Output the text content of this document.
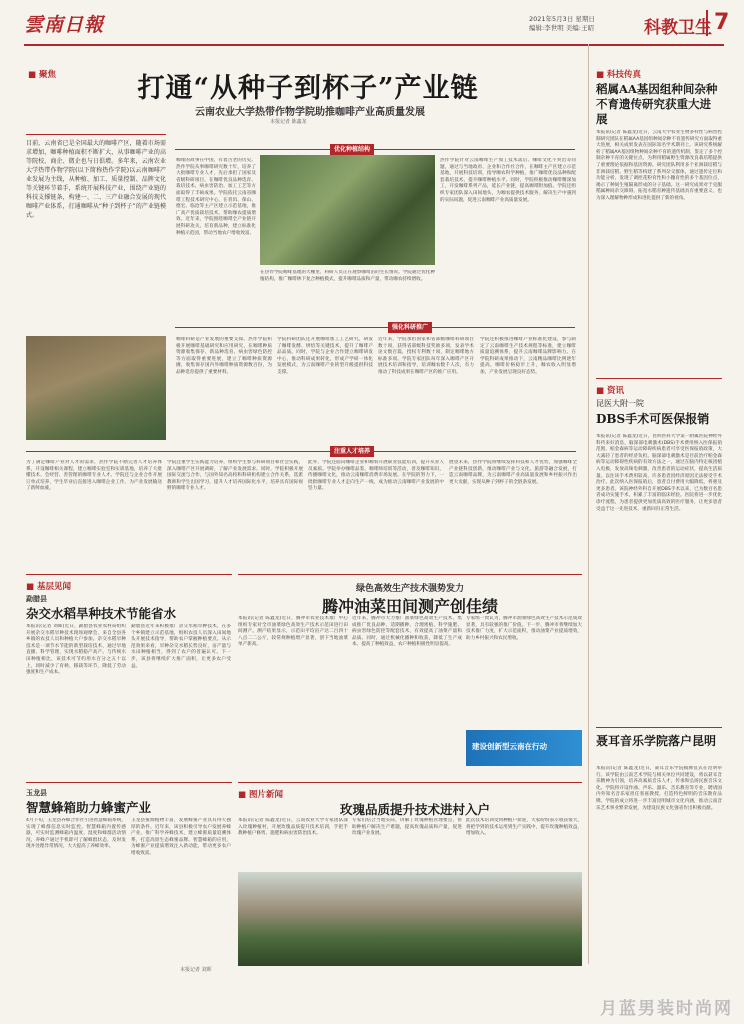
雲南日報	2021年5月3日 星期日
编辑:李世明 美编:王昭	科教卫生 7
■ 聚焦	打通“从种子到杯子”产业链
云南农业大学热带作物学院助推咖啡产业高质量发展
本报记者 陈鑫龙
目前，云南省已是全国最大的咖啡产区，随着市场需求增加，咖啡种植面积不断扩大，从事咖啡产业的高等院校、商企、微企也与日俱增。多年来，云南农业大学热带作物学院(以下简称热作学院)以云南咖啡产业发展为主线，从种植、加工、质量控制、品牌文化等关键环节着手，系统开展科技产业，围绕产业链的科技支撑链条，构建一、二、三产业融合发展的现代咖啡产业体系，打通咖啡从“种子到杯子”的产业链模式。
优化种植结构
咖啡的故事在中国，有着古老的历史。热作学院从事咖啡研究数十年，培养了大批咖啡专业人才，先后承担了国家及省级科研项目，在咖啡优良品种选育、栽培技术、病虫害防治、加工工艺等方面取得了丰硕成果。学院依托云南省咖啡工程技术研究中心，在普洱、保山、德宏、临沧等主产区建立示范基地，推广高产优质栽培技术，帮助咖农提质增效。近年来，学院围绕咖啡全产业链开展科研攻关，培育新品种，建立标准化种植示范园，带动当地农户增收致富。
在热作学院咖啡基地的大棚里，科研人员正在观察咖啡苗的生长情况。学院通过优化种植结构，推广咖啡林下复合种植模式，提升咖啡品质和产量，带动咖农持续增收。
热作学院针对云南咖啡生产加工技术落后、咖啡文化不突出等问题，通过与当地政府、企业和合作社合作，在咖啡主产区建立示范基地，开展科技培训，指导咖农科学种植，推广咖啡优良品种和配套栽培技术，提升咖啡种植水平。同时，学院积极推动咖啡精深加工，开发咖啡系列产品，延长产业链，提高咖啡附加值。学院还组织专家团队深入田间地头，为咖农提供技术服务，解决生产中遇到的实际问题，促进云南咖啡产业高质量发展。
强化科研推广
咖啡科研是产业发展的重要支撑。热作学院积极开展咖啡基础研究和应用研究，在咖啡种质资源收集保存、新品种选育、病虫害绿色防控等方面取得重要进展，建立了咖啡种质资源圃，收集保存国内外咖啡种质资源数百份，为品种选育提供了重要材料。
学院科研团队还开展咖啡加工工艺研究，研发了咖啡发酵、烘焙等关键技术，提升了咖啡产品品质。同时，学院与企业合作建立咖啡研发中心，推动科研成果转化，形成产学研一体化发展模式，为云南咖啡产业转型升级提供科技支撑。
近年来，学院承担国家和省部级咖啡科研项目数十项，获得省部级科技奖励多项，发表学术论文数百篇，授权专利数十项，制定咖啡地方标准多项。学院专家团队每年深入咖啡产区开展技术培训和指导，培训咖农数千人次，有力推动了科技成果在咖啡产区的推广应用。
学院还积极推进咖啡产业标准化建设，参与制定了云南咖啡生产技术规程等标准，建立咖啡质量追溯体系，提升云南咖啡品牌影响力。在学院科研成果推动下，云南精品咖啡比例逐年提高，咖啡价格稳步上升，咖农收入明显增加，产业发展呈现良好态势。
注重人才培养
为了满足咖啡产业对人才的需求，热作学院不断完善人才培养体系，开设咖啡相关课程，建立咖啡实验室和实训基地，培养了大批懂技术、会经营、善管理的咖啡专业人才。学院还与企业合作开展订单式培养，学生毕业后直接进入咖啡企业工作，为产业发展输送了新鲜血液。
学院注重学生实践能力培养，组织学生参与科研项目和社会实践，深入咖啡产区开展调研，了解产业发展需求。同时，学院积极开展国际交流与合作，与国外知名高校和科研机构建立合作关系，选派教师和学生出国学习，提升人才培养国际化水平，培养具有国际视野的咖啡专业人才。
此外，学院还面向咖啡企业和咖农开展职业技能培训，提升从业人员素质。学院举办咖啡品鉴、咖啡师培训等活动，普及咖啡知识，传播咖啡文化，推动云南咖啡消费市场发展。在学院的努力下，一批批咖啡专业人才走向生产一线，成为推动云南咖啡产业发展的中坚力量。
展望未来，热作学院将继续发挥科技和人才优势，加强咖啡全产业链科技创新，推动咖啡产业与文化、旅游等融合发展，打造云南咖啡品牌，为云南咖啡产业高质量发展和乡村振兴作出更大贡献，实现从种子到杯子的全链条发展。
■ 科技传真
稻属AA基因组种间杂种不育遗传研究获重大进展
本报讯(记者 陈鑫龙)近日，云南大学农业生物多样性与病害控制研究团队在稻属AA基因组种间杂种不育遗传研究方面取得重大进展，相关成果发表在国际知名学术期刊上。该研究系统解析了稻属AA基因组物种间杂种不育的遗传机制，鉴定了多个控制杂种不育的关键位点，为利用稻属野生资源改良栽培稻提供了重要理论依据和基因资源。研究团队利用多个亚洲栽培稻与非洲栽培稻、野生稻等构建了系列杂交群体，通过遗传定位和功能分析，发现了调控花粉育性和小穗育性的多个基因位点，揭示了种间生殖隔离形成的分子基础。这一研究成果对于克服稻属种间杂交障碍、拓宽水稻育种遗传基础具有重要意义，也为深入理解物种形成和进化提供了新的视角。
■ 资讯
昆医大附一院
DBS手术可医保报销
本报讯(记者 陈鑫龙)近日，昆明医科大学第一附属医院神经外科传来好消息，脑深部电刺激术(DBS)手术费用纳入医保报销范围，帕金森病等运动障碍疾病患者可享受医保报销政策，大大减轻了患者的经济负担。脑深部电刺激术是目前治疗帕金森病等运动障碍性疾病的有效方法之一，通过在脑内特定核团植入电极，发放高频电刺激，改善患者的运动症状，提高生活质量。以往该手术费用较高，许多患者因经济原因无法接受手术治疗。此次纳入医保报销后，患者自付费用大幅降低，将惠及更多患者。该院神经外科自开展DBS手术以来，已为数百名患者成功实施手术，积累了丰富的临床经验。医院将进一步优化诊疗流程，为患者提供更加优质高效的医疗服务，让更多患者受益于这一先进技术，重新回归正常生活。
聂耳音乐学院落户昆明
本报讯(记者 陈鑫龙)近日，聂耳音乐学院揭牌仪式在昆明举行。该学院由云南艺术学院与相关单位共同建设，将以聂耳音乐精神为引领，培养高素质音乐人才，传承和弘扬民族音乐文化。学院将开设作曲、声乐、器乐、音乐教育等专业，聘请国内外知名音乐家担任客座教授，打造特色鲜明的音乐教育品牌。学院的成立将进一步丰富昆明城市文化内涵，推动云南音乐艺术事业繁荣发展，为建设民族文化强省作出积极贡献。
■ 基层见闻
勐腊县
杂交水稻旱种技术节能省水
本报讯(记者 刘晖)近日，勐腊县农业农村局组织开展杂交水稻旱种技术现场观摩会，来自全县各乡镇的农技人员和种植大户参加。杂交水稻旱种技术是一项节水节能的新型栽培技术，通过旱地直播、科学管理，实现水稻稳产高产。与传统水田种植相比，该技术可节约用水百分之五十以上，同时减少了育秧、移栽等环节，降低了劳动强度和生产成本。
勐腊县近年来积极推广杂交水稻旱种技术，在多个乡镇建立示范基地，组织农技人员深入田间地头开展技术指导，帮助农户掌握种植要点。从示范效果来看，旱种杂交水稻长势良好，亩产量与水田种植相当，得到了农户的普遍认可。下一步，该县将继续扩大推广面积，让更多农户受益。
玉龙县
智慧蜂箱助力蜂蜜产业
4月下旬，玉龙县养蜂合作社引进智慧蜂箱系统，实现了蜂群信息实时监控。智慧蜂箱内置传感器，可实时监测蜂箱内温度、湿度和蜂群活动情况，养蜂户通过手机即可了解蜂群状态，及时发现并处理异常情况，大大提高了养蜂效率。
玉龙县蜜源植物丰富，发展蜂蜜产业具有得天独厚的条件。近年来，该县积极引导农户发展养蜂产业，推广科学养蜂技术，建立蜂蜜质量追溯体系，打造高原生态蜂蜜品牌。智慧蜂箱的应用，为蜂蜜产业提质增效注入新动能，带动更多农户增收致富。
本报记者 刘晖
绿色高效生产技术强势发力
腾冲油菜田间测产创佳绩
本报讯(记者 陈鑫龙)近日，腾冲市农业技术推广中心组织专家对全市油菜绿色高效生产技术示范田进行田间测产。测产结果显示，示范田平均亩产达二百四十八点二二公斤，较常规种植增产显著，创下当地油菜单产新高。
近年来，腾冲市大力推广油菜绿色高效生产技术，集成推广优良品种、适期播种、合理密植、科学施肥、病虫害绿色防控等配套技术，有效提高了油菜产量和品质。同时，通过机械化播种和收获，降低了生产成本，提高了种植效益，农户种植积极性明显提高。
专家组一致认为，腾冲市油菜绿色高效生产技术示范成效显著，具有较强的推广价值。下一步，腾冲市将继续加大技术推广力度，扩大示范面积，推动油菜产业提质增效，助力乡村振兴和农民增收。
建设创新型云南在行动
■ 图片新闻
玫瑰品质提升技术进村入户
本报讯(记者 陈鑫龙)近日，云南农业大学专家团队深入玫瑰种植村，开展玫瑰品质提升技术培训，手把手教种植户修剪、施肥和病虫害防治技术。
专家们结合当地实际，讲解了玫瑰种植管理要点，帮助种植户解决生产难题，提高玫瑰品质和产量，促进玫瑰产业发展。
此次技术培训受到种植户欢迎，大家纷纷表示收获很大，将把学到的技术运用到生产实践中，提升玫瑰种植效益，增加收入。
月蓝男装时尚网
